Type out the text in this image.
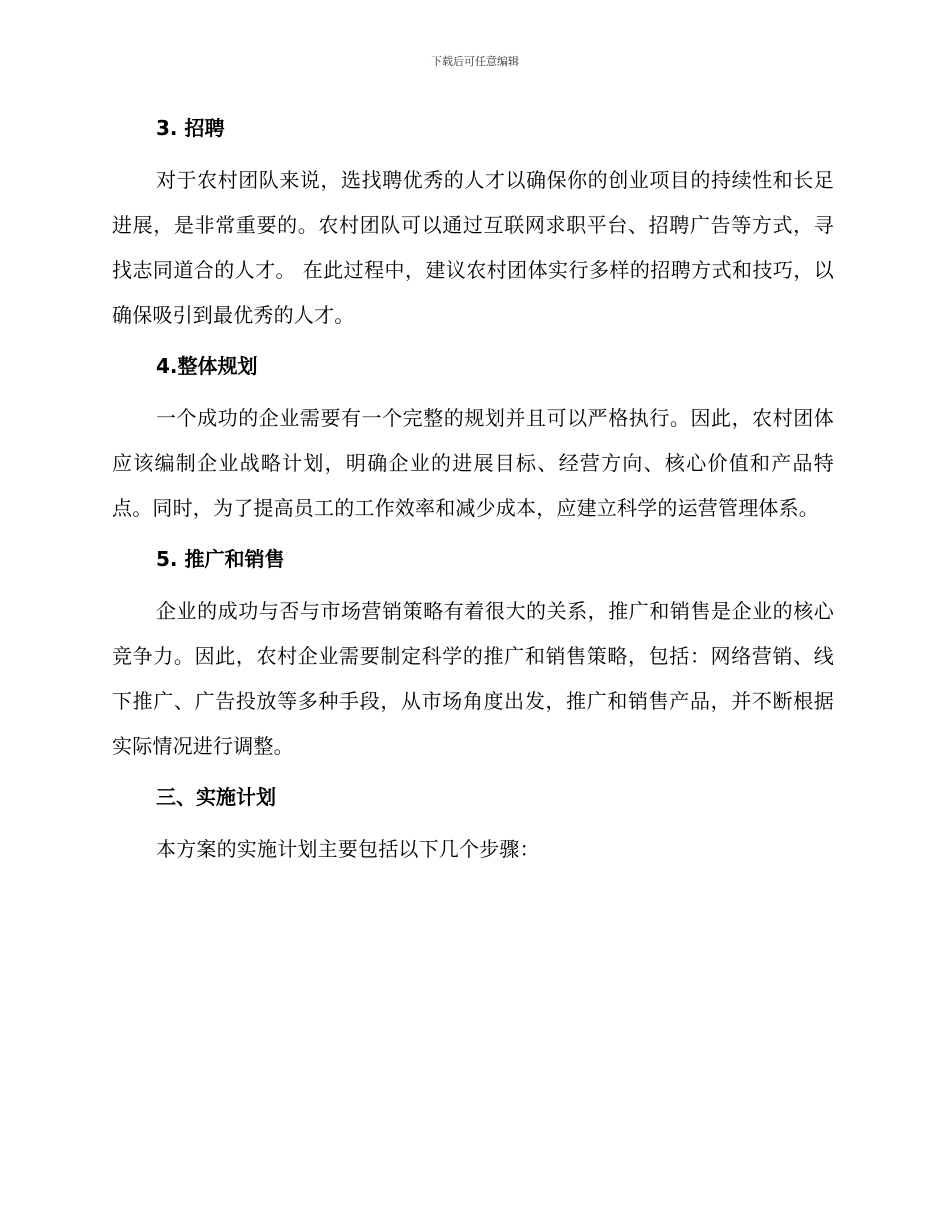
下载后可任意编辑

3. 招聘

对于农村团队来说，选找聘优秀的人才以确保你的创业项目的持续性和长足进展，是非常重要的。农村团队可以通过互联网求职平台、招聘广告等方式，寻找志同道合的人才。 在此过程中，建议农村团体实行多样的招聘方式和技巧，以确保吸引到最优秀的人才。

4.整体规划

一个成功的企业需要有一个完整的规划并且可以严格执行。因此，农村团体应该编制企业战略计划，明确企业的进展目标、经营方向、核心价值和产品特点。同时，为了提高员工的工作效率和减少成本，应建立科学的运营管理体系。

5. 推广和销售

企业的成功与否与市场营销策略有着很大的关系，推广和销售是企业的核心竞争力。因此，农村企业需要制定科学的推广和销售策略，包括：网络营销、线下推广、广告投放等多种手段，从市场角度出发，推广和销售产品，并不断根据实际情况进行调整。

三、实施计划

本方案的实施计划主要包括以下几个步骤：
